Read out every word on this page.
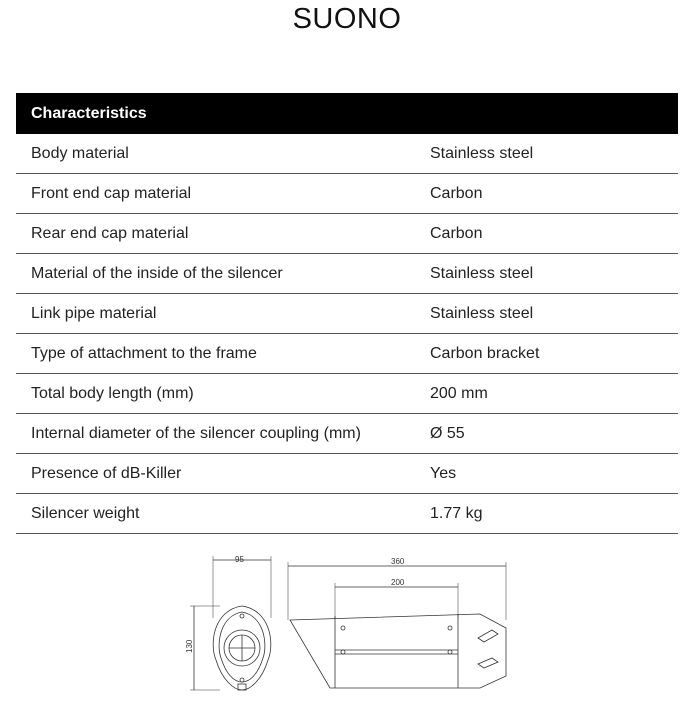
SUONO
Characteristics	
Body material	Stainless steel
Front end cap material	Carbon
Rear end cap material	Carbon
Material of the inside of the silencer	Stainless steel
Link pipe material	Stainless steel
Type of attachment to the frame	Carbon bracket
Total body length (mm)	200 mm
Internal diameter of the silencer coupling (mm)	Ø 55
Presence of dB-Killer	Yes
Silencer weight	1.77 kg
95
130
360
200
